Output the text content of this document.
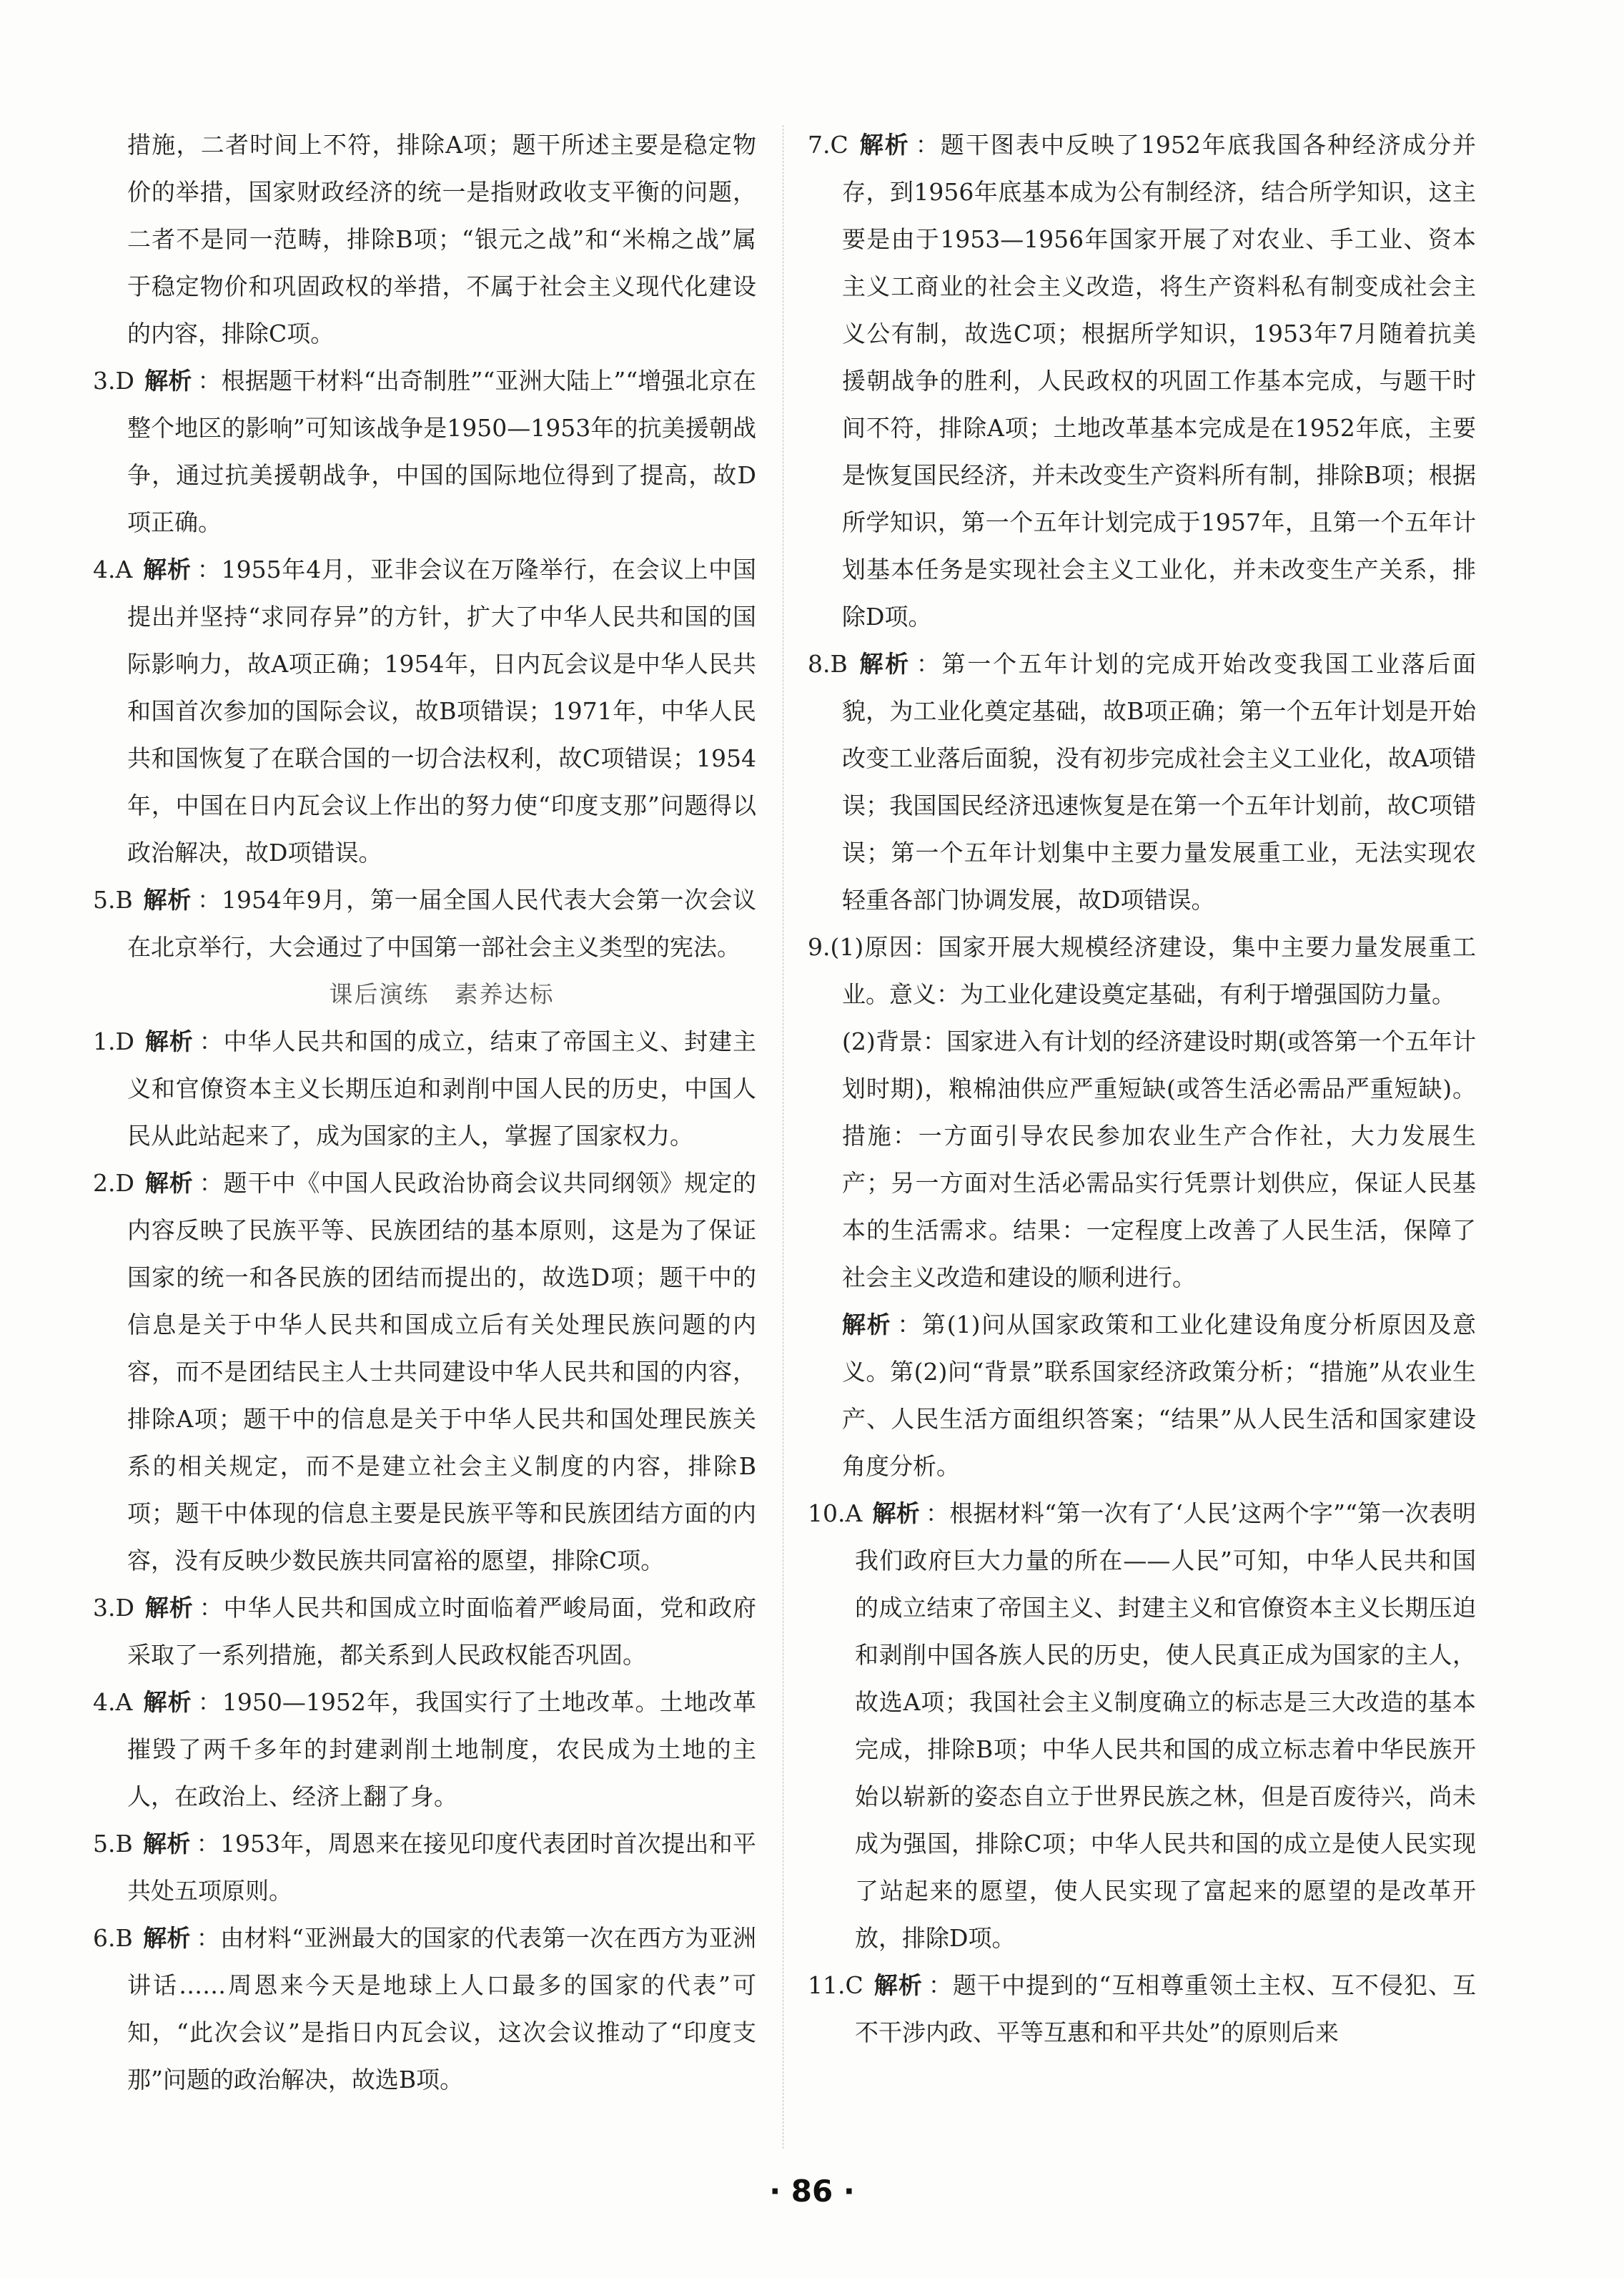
措施，二者时间上不符，排除A项；题干所述主要是稳定物价的举措，国家财政经济的统一是指财政收支平衡的问题，二者不是同一范畴，排除B项；“银元之战”和“米棉之战”属于稳定物价和巩固政权的举措，不属于社会主义现代化建设的内容，排除C项。
3.D 解析 ：根据题干材料“出奇制胜”“亚洲大陆上”“增强北京在整个地区的影响”可知该战争是1950—1953年的抗美援朝战争，通过抗美援朝战争，中国的国际地位得到了提高，故D项正确。
4.A 解析 ：1955年4月，亚非会议在万隆举行，在会议上中国提出并坚持“求同存异”的方针，扩大了中华人民共和国的国际影响力，故A项正确；1954年，日内瓦会议是中华人民共和国首次参加的国际会议，故B项错误；1971年，中华人民共和国恢复了在联合国的一切合法权利，故C项错误；1954年，中国在日内瓦会议上作出的努力使“印度支那”问题得以政治解决，故D项错误。
5.B 解析 ：1954年9月，第一届全国人民代表大会第一次会议在北京举行，大会通过了中国第一部社会主义类型的宪法。
课后演练　素养达标
1.D 解析 ：中华人民共和国的成立，结束了帝国主义、封建主义和官僚资本主义长期压迫和剥削中国人民的历史，中国人民从此站起来了，成为国家的主人，掌握了国家权力。
2.D 解析 ：题干中《中国人民政治协商会议共同纲领》规定的内容反映了民族平等、民族团结的基本原则，这是为了保证国家的统一和各民族的团结而提出的，故选D项；题干中的信息是关于中华人民共和国成立后有关处理民族问题的内容，而不是团结民主人士共同建设中华人民共和国的内容，排除A项；题干中的信息是关于中华人民共和国处理民族关系的相关规定，而不是建立社会主义制度的内容，排除B项；题干中体现的信息主要是民族平等和民族团结方面的内容，没有反映少数民族共同富裕的愿望，排除C项。
3.D 解析 ：中华人民共和国成立时面临着严峻局面，党和政府采取了一系列措施，都关系到人民政权能否巩固。
4.A 解析 ：1950—1952年，我国实行了土地改革。土地改革摧毁了两千多年的封建剥削土地制度，农民成为土地的主人，在政治上、经济上翻了身。
5.B 解析 ：1953年，周恩来在接见印度代表团时首次提出和平共处五项原则。
6.B 解析 ：由材料“亚洲最大的国家的代表第一次在西方为亚洲讲话……周恩来今天是地球上人口最多的国家的代表”可知，“此次会议”是指日内瓦会议，这次会议推动了“印度支那”问题的政治解决，故选B项。
7.C 解析 ：题干图表中反映了1952年底我国各种经济成分并存，到1956年底基本成为公有制经济，结合所学知识，这主要是由于1953—1956年国家开展了对农业、手工业、资本主义工商业的社会主义改造，将生产资料私有制变成社会主义公有制，故选C项；根据所学知识，1953年7月随着抗美援朝战争的胜利，人民政权的巩固工作基本完成，与题干时间不符，排除A项；土地改革基本完成是在1952年底，主要是恢复国民经济，并未改变生产资料所有制，排除B项；根据所学知识，第一个五年计划完成于1957年，且第一个五年计划基本任务是实现社会主义工业化，并未改变生产关系，排除D项。
8.B 解析 ：第一个五年计划的完成开始改变我国工业落后面貌，为工业化奠定基础，故B项正确；第一个五年计划是开始改变工业落后面貌，没有初步完成社会主义工业化，故A项错误；我国国民经济迅速恢复是在第一个五年计划前，故C项错误；第一个五年计划集中主要力量发展重工业，无法实现农轻重各部门协调发展，故D项错误。
9.(1)原因：国家开展大规模经济建设，集中主要力量发展重工业。意义：为工业化建设奠定基础，有利于增强国防力量。
(2)背景：国家进入有计划的经济建设时期(或答第一个五年计划时期)，粮棉油供应严重短缺(或答生活必需品严重短缺)。措施：一方面引导农民参加农业生产合作社，大力发展生产；另一方面对生活必需品实行凭票计划供应，保证人民基本的生活需求。结果：一定程度上改善了人民生活，保障了社会主义改造和建设的顺利进行。
解析 ：第(1)问从国家政策和工业化建设角度分析原因及意义。第(2)问“背景”联系国家经济政策分析；“措施”从农业生产、人民生活方面组织答案；“结果”从人民生活和国家建设角度分析。
10.A 解析 ：根据材料“第一次有了‘人民’这两个字”“第一次表明我们政府巨大力量的所在——人民”可知，中华人民共和国的成立结束了帝国主义、封建主义和官僚资本主义长期压迫和剥削中国各族人民的历史，使人民真正成为国家的主人，故选A项；我国社会主义制度确立的标志是三大改造的基本完成，排除B项；中华人民共和国的成立标志着中华民族开始以崭新的姿态自立于世界民族之林，但是百废待兴，尚未成为强国，排除C项；中华人民共和国的成立是使人民实现了站起来的愿望，使人民实现了富起来的愿望的是改革开放，排除D项。
11.C 解析 ：题干中提到的“互相尊重领土主权、互不侵犯、互不干涉内政、平等互惠和和平共处”的原则后来
· 86 ·
